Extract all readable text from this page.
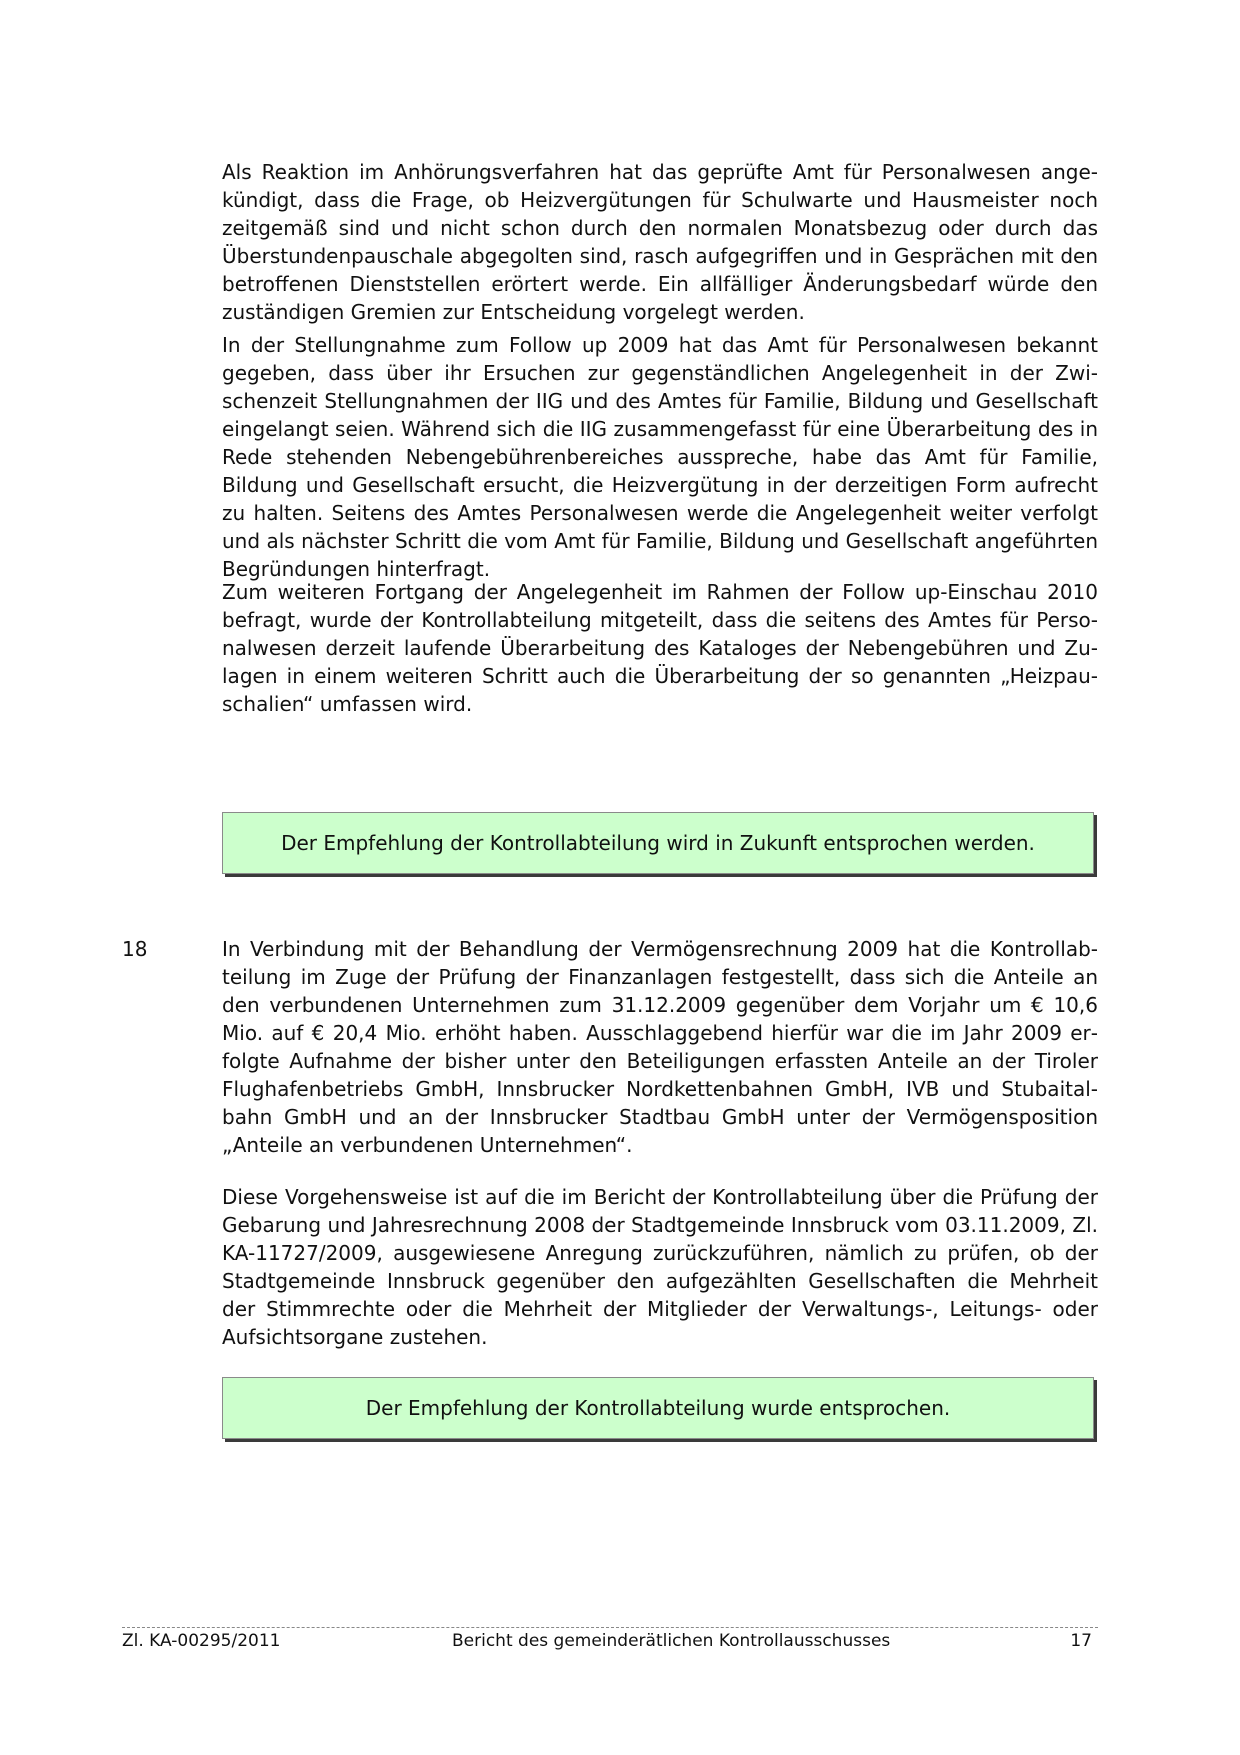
Als Reaktion im Anhörungsverfahren hat das geprüfte Amt für Personalwesen angekündigt, dass die Frage, ob Heizvergütungen für Schulwarte und Hausmeister noch zeitgemäß sind und nicht schon durch den normalen Monatsbezug oder durch das Überstundenpauschale abgegolten sind, rasch aufgegriffen und in Gesprächen mit den betroffenen Dienststellen erörtert werde. Ein allfälliger Änderungsbedarf würde den zuständigen Gremien zur Entscheidung vorgelegt werden.

In der Stellungnahme zum Follow up 2009 hat das Amt für Personalwesen bekannt gegeben, dass über ihr Ersuchen zur gegenständlichen Angelegenheit in der Zwischenzeit Stellungnahmen der IIG und des Amtes für Familie, Bildung und Gesellschaft eingelangt seien. Während sich die IIG zusammengefasst für eine Überarbeitung des in Rede stehenden Nebengebührenbereiches ausspreche, habe das Amt für Familie, Bildung und Gesellschaft ersucht, die Heizvergütung in der derzeitigen Form aufrecht zu halten. Seitens des Amtes Personalwesen werde die Angelegenheit weiter verfolgt und als nächster Schritt die vom Amt für Familie, Bildung und Gesellschaft angeführten Begründungen hinterfragt.

Zum weiteren Fortgang der Angelegenheit im Rahmen der Follow up-Einschau 2010 befragt, wurde der Kontrollabteilung mitgeteilt, dass die seitens des Amtes für Personalwesen derzeit laufende Überarbeitung des Kataloges der Nebengebühren und Zulagen in einem weiteren Schritt auch die Überarbeitung der so genannten „Heizpauschalien“ umfassen wird.

Der Empfehlung der Kontrollabteilung wird in Zukunft entsprochen werden.

18	In Verbindung mit der Behandlung der Vermögensrechnung 2009 hat die Kontrollabteilung im Zuge der Prüfung der Finanzanlagen festgestellt, dass sich die Anteile an den verbundenen Unternehmen zum 31.12.2009 gegenüber dem Vorjahr um € 10,6 Mio. auf € 20,4 Mio. erhöht haben. Ausschlaggebend hierfür war die im Jahr 2009 erfolgte Aufnahme der bisher unter den Beteiligungen erfassten Anteile an der Tiroler Flughafenbetriebs GmbH, Innsbrucker Nordkettenbahnen GmbH, IVB und Stubaitalbahn GmbH und an der Innsbrucker Stadtbau GmbH unter der Vermögensposition „Anteile an verbundenen Unternehmen“.

Diese Vorgehensweise ist auf die im Bericht der Kontrollabteilung über die Prüfung der Gebarung und Jahresrechnung 2008 der Stadtgemeinde Innsbruck vom 03.11.2009, Zl. KA-11727/2009, ausgewiesene Anregung zurückzuführen, nämlich zu prüfen, ob der Stadtgemeinde Innsbruck gegenüber den aufgezählten Gesellschaften die Mehrheit der Stimmrechte oder die Mehrheit der Mitglieder der Verwaltungs-, Leitungs- oder Aufsichtsorgane zustehen.

Der Empfehlung der Kontrollabteilung wurde entsprochen.
Zl. KA-00295/2011	Bericht des gemeinderätlichen Kontrollausschusses	17
